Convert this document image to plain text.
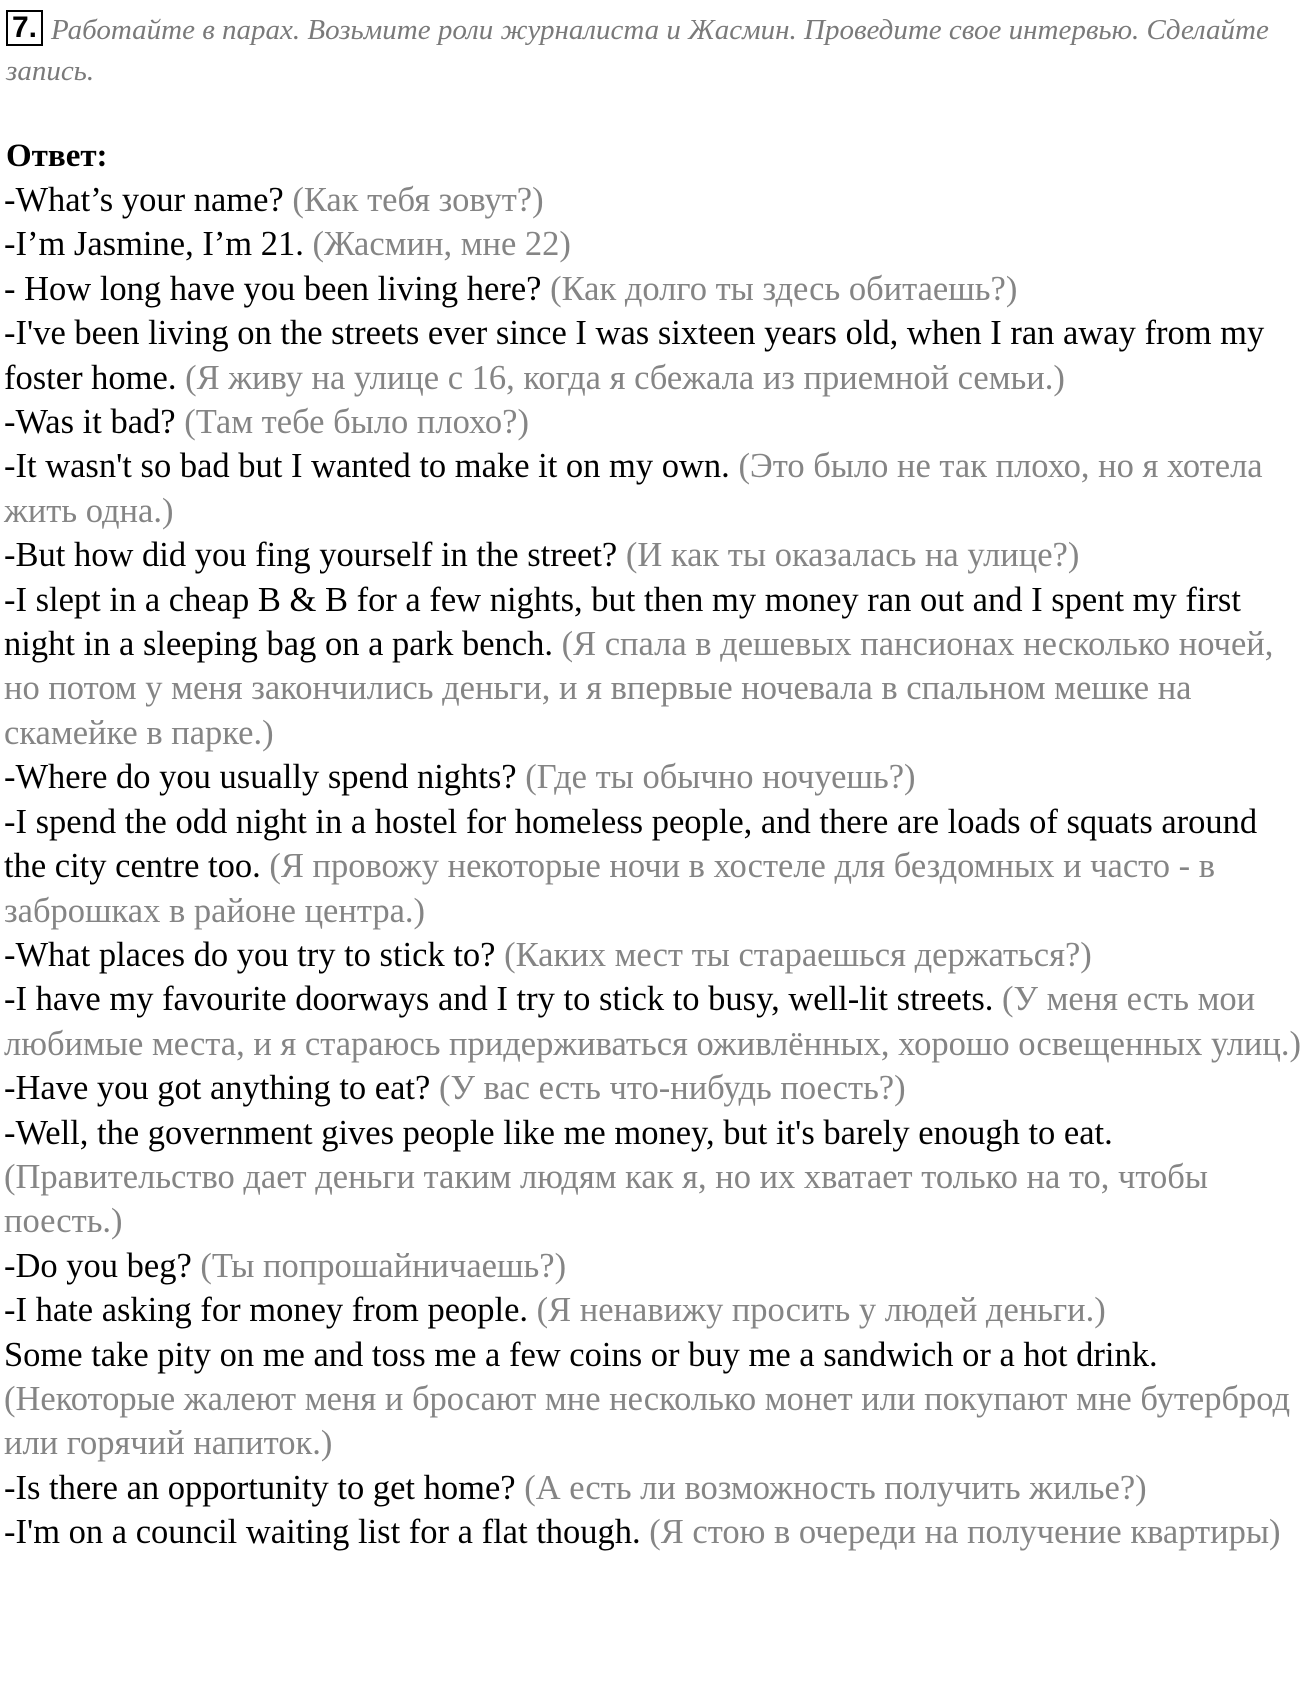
7. Работайте в парах. Возьмите роли журналиста и Жасмин. Проведите свое интервью. Сделайте запись.
Ответ:

-What’s your name? (Как тебя зовут?)

-I’m Jasmine, I’m 21. (Жасмин, мне 22)

- How long have you been living here? (Как долго ты здесь обитаешь?)

-I've been living on the streets ever since I was sixteen years old, when I ran away from my foster home. (Я живу на улице с 16, когда я сбежала из приемной семьи.)

-Was it bad? (Там тебе было плохо?)

-It wasn't so bad but I wanted to make it on my own. (Это было не так плохо, но я хотела жить одна.)

-But how did you fing yourself in the street? (И как ты оказалась на улице?)

-I slept in a cheap B & B for a few nights, but then my money ran out and I spent my first night in a sleeping bag on a park bench. (Я спала в дешевых пансионах несколько ночей, но потом у меня закончились деньги, и я впервые ночевала в спальном мешке на скамейке в парке.)

-Where do you usually spend nights? (Где ты обычно ночуешь?)

-I spend the odd night in a hostel for homeless people, and there are loads of squats around the city centre too. (Я провожу некоторые ночи в хостеле для бездомных и часто - в заброшках в районе центра.)

-What places do you try to stick to? (Каких мест ты стараешься держаться?)

-I have my favourite doorways and I try to stick to busy, well-lit streets. (У меня есть мои любимые места, и я стараюсь придерживаться оживлённых, хорошо освещенных улиц.)

-Have you got anything to eat? (У вас есть что-нибудь поесть?)

-Well, the government gives people like me money, but it's barely enough to eat. (Правительство дает деньги таким людям как я, но их хватает только на то, чтобы поесть.)

-Do you beg? (Ты попрошайничаешь?)

-I hate asking for money from people. (Я ненавижу просить у людей деньги.)

Some take pity on me and toss me a few coins or buy me a sandwich or a hot drink. (Некоторые жалеют меня и бросают мне несколько монет или покупают мне бутерброд или горячий напиток.)

-Is there an opportunity to get home? (А есть ли возможность получить жилье?)

-I'm on a council waiting list for a flat though. (Я стою в очереди на получение квартиры)
